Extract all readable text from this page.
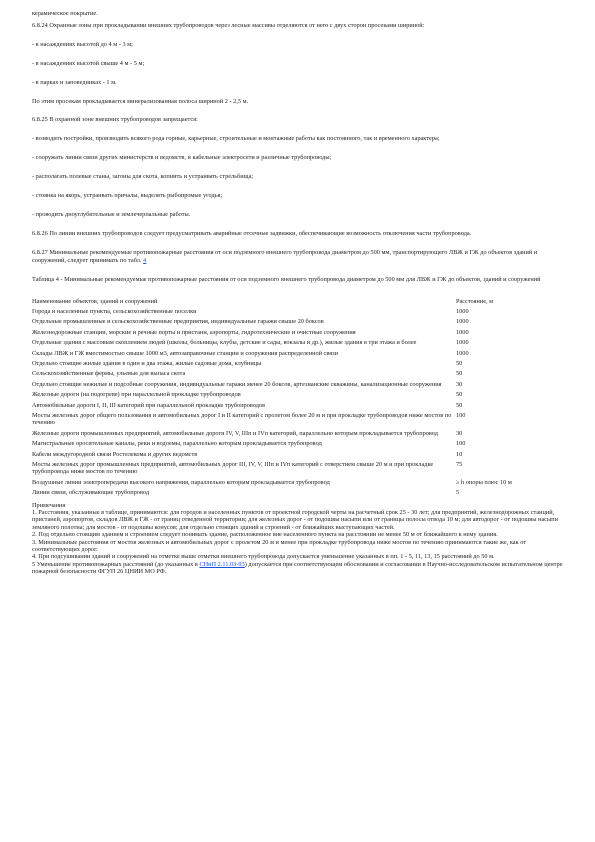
керамическое покрытие.

6.8.24 Охранные зоны при прокладывании внешних трубопроводов через лесные массивы отделяются от него с двух сторон просеками шириной:

- в насаждениях высотой до 4 м - 3 м;

- в насаждениях высотой свыше 4 м - 5 м;

- в парках и заповедниках - 1 м.

По этим просекам прокладывается минерализованная полоса шириной 2 - 2,5 м.

6.8.25 В охранной зоне внешних трубопроводов запрещается:

- возводить постройки, производить всякого рода горные, карьерные, строительные и монтажные работы как постоянного, так и временного характера;

- сооружать линии связи других министерств и ведомств, и кабельные электросети и различные трубопроводы;

- располагать полевые станы, загоны для скота, копнить и устраивать стрельбища;

- стоянка на якорь, устраивать причалы, выделять рыбопромые угодья;

- проводить дноуглубительные и землечерпальные работы.

6.8.26 По линии внешних трубопроводов следует предусматривать аварийные отсечные задвижки, обеспечивающие возможность отключения части трубопровода.

6.8.27 Минимальные рекомендуемые противопожарные расстояния от оси подземного внешнего трубопровода диаметром до 500 мм, транспортирующего ЛВЖ и ГЖ до объектов зданий и сооружений, следует принимать по табл. 4

Таблица 4 - Минимальные рекомендуемые противопожарные расстояния от оси подземного внешнего трубопровода диаметром до 500 мм для ЛВЖ и ГЖ до объектов, зданий и сооружений

Наименование объектов, зданий и сооружений	Расстояние, м
Города и населенные пункты, сельскохозяйственные поселки	1000
Отдельные промышленные и сельскохозяйственные предприятия, индивидуальные гаражи свыше 20 боксов	1000
Железнодорожные станции, морские и речные порты и пристани, аэропорты, гидротехнические и очистные сооружения	1000
Отдельные здания с массовым скоплением людей (школы, больницы, клубы, детские и сады, вокзалы и др.), жилые здания в три этажа и более	1000
Склады ЛВЖ и ГЖ вместимостью свыше 1000 м3, автозаправочные станции и сооружения распределенной связи	1000
Отдельно стоящие жилые здания в один и два этажа, жилые садовые дома, клубницы	50
Сельскохозяйственные фермы, ульевые для выпаса скота	50
Отдельно стоящие нежилые и подсобные сооружения, индивидуальные гаражи менее 20 боксов, артезианские скважины, канализационные сооружения	30
Железные дороги (на подогреве) при параллельной прокладке трубопроводов	50
Автомобильные дороги I, II, III категорий при параллельной прокладке трубопроводов	50
Мосты железных дорог общего пользования и автомобильных дорог I и II категорий с пролетом более 20 м и при прокладке трубопроводов ниже мостов по течению	100
Железные дороги промышленных предприятий, автомобильные дороги IV, V, IIIп и IVп категорий, параллельно которым прокладывается трубопровод	30
Магистральные оросительные каналы, реки и водоемы, параллельно которым прокладывается трубопровод	100
Кабели междугородной связи Ростелекома и других ведомств	10
Мосты железных дорог промышленных предприятий, автомобильных дорог III, IV, V, IIIп и IVп категорий с отверстием свыше 20 м и при прокладке трубопровода ниже мостов по течению	75
Воздушные линии электропередачи высокого напряжения, параллельно которым прокладывается трубопровод	≥ h опоры плюс 10 м
Линии связи, обслуживающие трубопровод	5

Примечания

1. Расстояния, указанные в таблице, принимаются: для городов и населенных пунктов от проектной городской черты на расчетный срок 25 - 30 лет; для предприятий, железнодорожных станций, пристаней, аэропортов, складов ЛВЖ и ГЖ - от границ отведенной территории; для железных дорог - от подошвы насыпи или от границы полосы отвода 10 м; для автодорог - от подошвы насыпи земляного полотна; для мостов - от подошвы конусов; для отдельно стоящих зданий и строений - от ближайших выступающих частей.

2. Под отдельно стоящим зданием и строением следует понимать здание, расположенное вне населенного пункта на расстоянии не менее 50 м от ближайшего к нему здания.

3. Минимальные расстояния от мостов железных и автомобильных дорог с пролетом 20 м и менее при прокладке трубопровода ниже мостов по течению принимаются такие же, как от соответствующих дорог.

4. При подсушивании зданий и сооружений на отметке выше отметки внешнего трубопровода допускается уменьшение указанных в пп. 1 - 5, 11, 13, 15 расстояний до 50 м.

5 Уменьшение противопожарных расстояний (до указанных в СНиП 2.11.03-93) допускается при соответствующем обосновании и согласовании в Научно-исследовательском испытательном центре пожарной безопасности ФГУП 26 ЦНИИ МО РФ.
